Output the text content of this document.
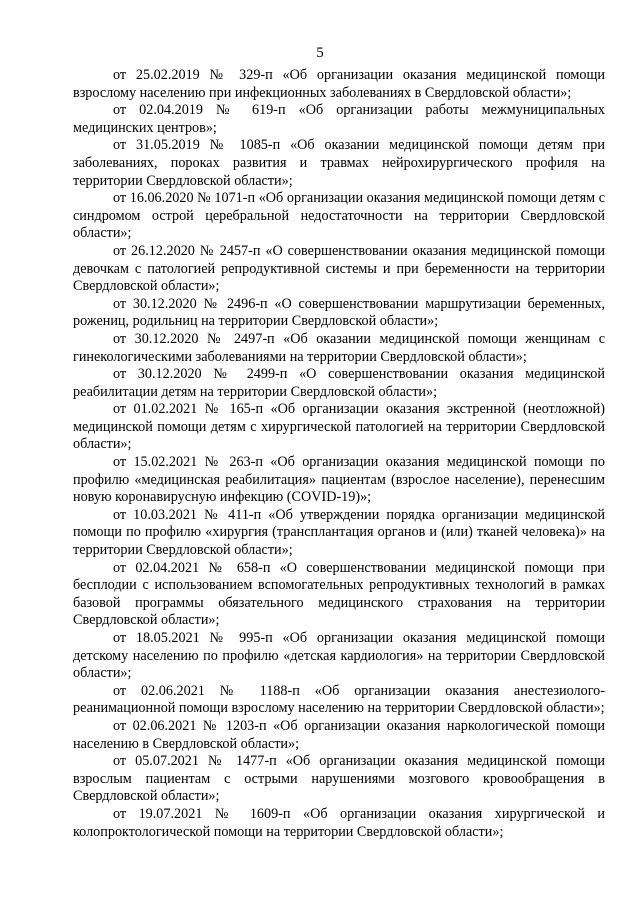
5

от 25.02.2019 № 329-п «Об организации оказания медицинской помощи взрослому населению при инфекционных заболеваниях в Свердловской области»;

от 02.04.2019 № 619-п «Об организации работы межмуниципальных медицинских центров»;

от 31.05.2019 № 1085-п «Об оказании медицинской помощи детям при заболеваниях, пороках развития и травмах нейрохирургического профиля на территории Свердловской области»;

от 16.06.2020 № 1071-п «Об организации оказания медицинской помощи детям с синдромом острой церебральной недостаточности на территории Свердловской области»;

от 26.12.2020 № 2457-п «О совершенствовании оказания медицинской помощи девочкам с патологией репродуктивной системы и при беременности на территории Свердловской области»;

от 30.12.2020 № 2496-п «О совершенствовании маршрутизации беременных, рожениц, родильниц на территории Свердловской области»;

от 30.12.2020 № 2497-п «Об оказании медицинской помощи женщинам с гинекологическими заболеваниями на территории Свердловской области»;

от 30.12.2020 № 2499-п «О совершенствовании оказания медицинской реабилитации детям на территории Свердловской области»;

от 01.02.2021 № 165-п «Об организации оказания экстренной (неотложной) медицинской помощи детям с хирургической патологией на территории Свердловской области»;

от 15.02.2021 № 263-п «Об организации оказания медицинской помощи по профилю «медицинская реабилитация» пациентам (взрослое население), перенесшим новую коронавирусную инфекцию (COVID-19)»;

от 10.03.2021 № 411-п «Об утверждении порядка организации медицинской помощи по профилю «хирургия (трансплантация органов и (или) тканей человека)» на территории Свердловской области»;

от 02.04.2021 № 658-п «О совершенствовании медицинской помощи при бесплодии с использованием вспомогательных репродуктивных технологий в рамках базовой программы обязательного медицинского страхования на территории Свердловской области»;

от 18.05.2021 № 995-п «Об организации оказания медицинской помощи детскому населению по профилю «детская кардиология» на территории Свердловской области»;

от 02.06.2021 № 1188-п «Об организации оказания анестезиолого-реанимационной помощи взрослому населению на территории Свердловской области»;

от 02.06.2021 № 1203-п «Об организации оказания наркологической помощи населению в Свердловской области»;

от 05.07.2021 № 1477-п «Об организации оказания медицинской помощи взрослым пациентам с острыми нарушениями мозгового кровообращения в Свердловской области»;

от 19.07.2021 № 1609-п «Об организации оказания хирургической и колопроктологической помощи на территории Свердловской области»;
